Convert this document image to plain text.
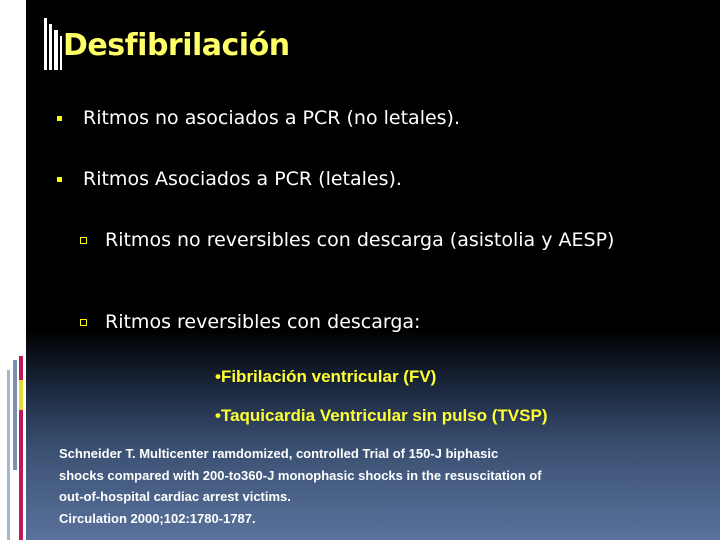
Desfibrilación
Ritmos no asociados a PCR (no letales).
Ritmos Asociados a PCR (letales).
Ritmos no reversibles con descarga (asistolia y AESP)
Ritmos reversibles con descarga:
•Fibrilación ventricular (FV)
•Taquicardia Ventricular sin pulso (TVSP)
Schneider T. Multicenter ramdomized, controlled Trial of 150-J biphasic
shocks compared with 200-to360-J monophasic shocks in the resuscitation of
out-of-hospital cardiac arrest victims.
Circulation 2000;102:1780-1787.
